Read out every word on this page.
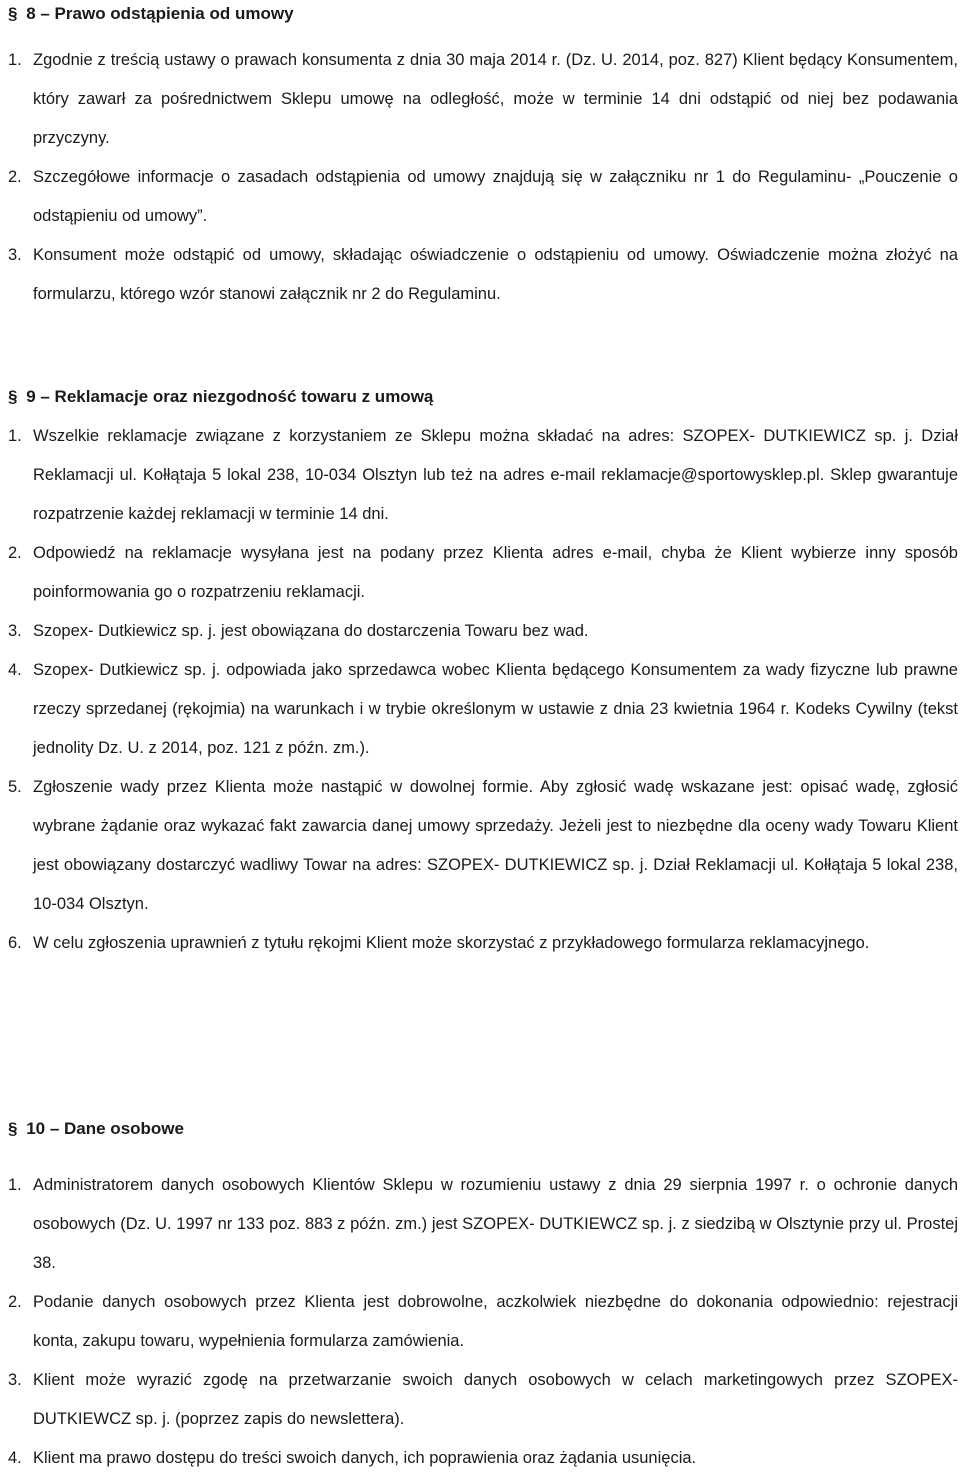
§ 8 – Prawo odstąpienia od umowy
1. Zgodnie z treścią ustawy o prawach konsumenta z dnia 30 maja 2014 r. (Dz. U. 2014, poz. 827) Klient będący Konsumentem, który zawarł za pośrednictwem Sklepu umowę na odległość, może w terminie 14 dni odstąpić od niej bez podawania przyczyny.
2. Szczegółowe informacje o zasadach odstąpienia od umowy znajdują się w załączniku nr 1 do Regulaminu- „Pouczenie o odstąpieniu od umowy”.
3. Konsument może odstąpić od umowy, składając oświadczenie o odstąpieniu od umowy. Oświadczenie można złożyć na formularzu, którego wzór stanowi załącznik nr 2 do Regulaminu.
§ 9 – Reklamacje oraz niezgodność towaru z umową
1. Wszelkie reklamacje związane z korzystaniem ze Sklepu można składać na adres: SZOPEX- DUTKIEWICZ sp. j. Dział Reklamacji ul. Kołłątaja 5 lokal 238, 10-034 Olsztyn lub też na adres e-mail reklamacje@sportowysklep.pl. Sklep gwarantuje rozpatrzenie każdej reklamacji w terminie 14 dni.
2. Odpowiedź na reklamacje wysyłana jest na podany przez Klienta adres e-mail, chyba że Klient wybierze inny sposób poinformowania go o rozpatrzeniu reklamacji.
3. Szopex- Dutkiewicz sp. j. jest obowiązana do dostarczenia Towaru bez wad.
4. Szopex- Dutkiewicz sp. j. odpowiada jako sprzedawca wobec Klienta będącego Konsumentem za wady fizyczne lub prawne rzeczy sprzedanej (rękojmia) na warunkach i w trybie określonym w ustawie z dnia 23 kwietnia 1964 r. Kodeks Cywilny (tekst jednolity Dz. U. z 2014, poz. 121 z późn. zm.).
5. Zgłoszenie wady przez Klienta może nastąpić w dowolnej formie. Aby zgłosić wadę wskazane jest: opisać wadę, zgłosić wybrane żądanie oraz wykazać fakt zawarcia danej umowy sprzedaży. Jeżeli jest to niezbędne dla oceny wady Towaru Klient jest obowiązany dostarczyć wadliwy Towar na adres: SZOPEX- DUTKIEWICZ sp. j. Dział Reklamacji ul. Kołłątaja 5 lokal 238, 10-034 Olsztyn.
6. W celu zgłoszenia uprawnień z tytułu rękojmi Klient może skorzystać z przykładowego formularza reklamacyjnego.
§ 10 – Dane osobowe
1. Administratorem danych osobowych Klientów Sklepu w rozumieniu ustawy z dnia 29 sierpnia 1997 r. o ochronie danych osobowych (Dz. U. 1997 nr 133 poz. 883 z późn. zm.) jest SZOPEX- DUTKIEWCZ sp. j. z siedzibą w Olsztynie przy ul. Prostej 38.
2. Podanie danych osobowych przez Klienta jest dobrowolne, aczkolwiek niezbędne do dokonania odpowiednio: rejestracji konta, zakupu towaru, wypełnienia formularza zamówienia.
3. Klient może wyrazić zgodę na przetwarzanie swoich danych osobowych w celach marketingowych przez SZOPEX- DUTKIEWCZ sp. j. (poprzez zapis do newslettera).
4. Klient ma prawo dostępu do treści swoich danych, ich poprawienia oraz żądania usunięcia.
